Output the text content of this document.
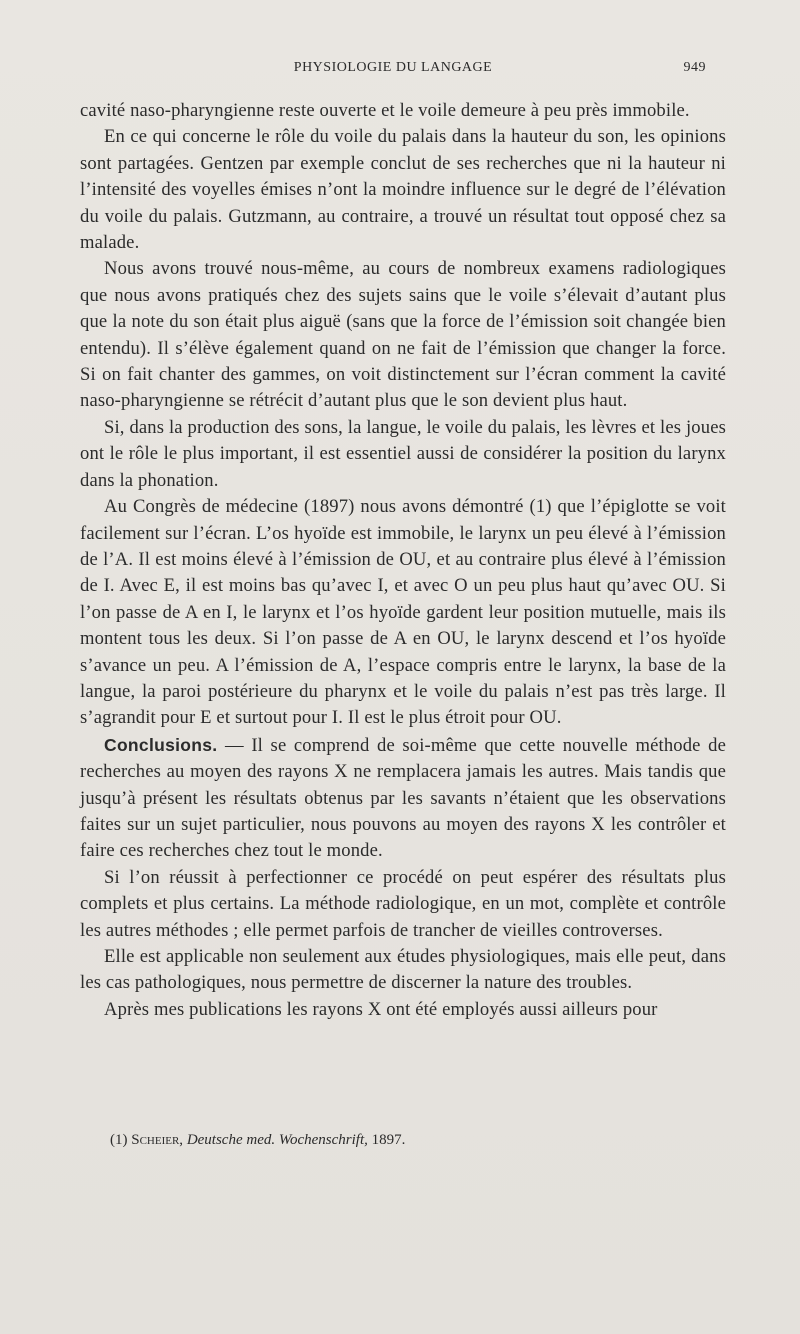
PHYSIOLOGIE DU LANGAGE	949

cavité naso-pharyngienne reste ouverte et le voile demeure à peu près immobile.

En ce qui concerne le rôle du voile du palais dans la hauteur du son, les opinions sont partagées. Gentzen par exemple conclut de ses recherches que ni la hauteur ni l’intensité des voyelles émises n’ont la moindre influence sur le degré de l’élévation du voile du palais. Gutzmann, au contraire, a trouvé un résultat tout opposé chez sa malade.

Nous avons trouvé nous-même, au cours de nombreux examens radiologiques que nous avons pratiqués chez des sujets sains que le voile s’élevait d’autant plus que la note du son était plus aiguë (sans que la force de l’émission soit changée bien entendu). Il s’élève également quand on ne fait de l’émission que changer la force. Si on fait chanter des gammes, on voit distinctement sur l’écran comment la cavité naso-pharyngienne se rétrécit d’autant plus que le son devient plus haut.

Si, dans la production des sons, la langue, le voile du palais, les lèvres et les joues ont le rôle le plus important, il est essentiel aussi de considérer la position du larynx dans la phonation.

Au Congrès de médecine (1897) nous avons démontré (1) que l’épiglotte se voit facilement sur l’écran. L’os hyoïde est immobile, le larynx un peu élevé à l’émission de l’A. Il est moins élevé à l’émission de OU, et au contraire plus élevé à l’émission de I. Avec E, il est moins bas qu’avec I, et avec O un peu plus haut qu’avec OU. Si l’on passe de A en I, le larynx et l’os hyoïde gardent leur position mutuelle, mais ils montent tous les deux. Si l’on passe de A en OU, le larynx descend et l’os hyoïde s’avance un peu. A l’émission de A, l’espace compris entre le larynx, la base de la langue, la paroi postérieure du pharynx et le voile du palais n’est pas très large. Il s’agrandit pour E et surtout pour I. Il est le plus étroit pour OU.

Conclusions. — Il se comprend de soi-même que cette nouvelle méthode de recherches au moyen des rayons X ne remplacera jamais les autres. Mais tandis que jusqu’à présent les résultats obtenus par les savants n’étaient que les observations faites sur un sujet particulier, nous pouvons au moyen des rayons X les contrôler et faire ces recherches chez tout le monde.

Si l’on réussit à perfectionner ce procédé on peut espérer des résultats plus complets et plus certains. La méthode radiologique, en un mot, complète et contrôle les autres méthodes ; elle permet parfois de trancher de vieilles controverses.

Elle est applicable non seulement aux études physiologiques, mais elle peut, dans les cas pathologiques, nous permettre de discerner la nature des troubles.

Après mes publications les rayons X ont été employés aussi ailleurs pour

(1) Scheier, Deutsche med. Wochenschrift, 1897.
